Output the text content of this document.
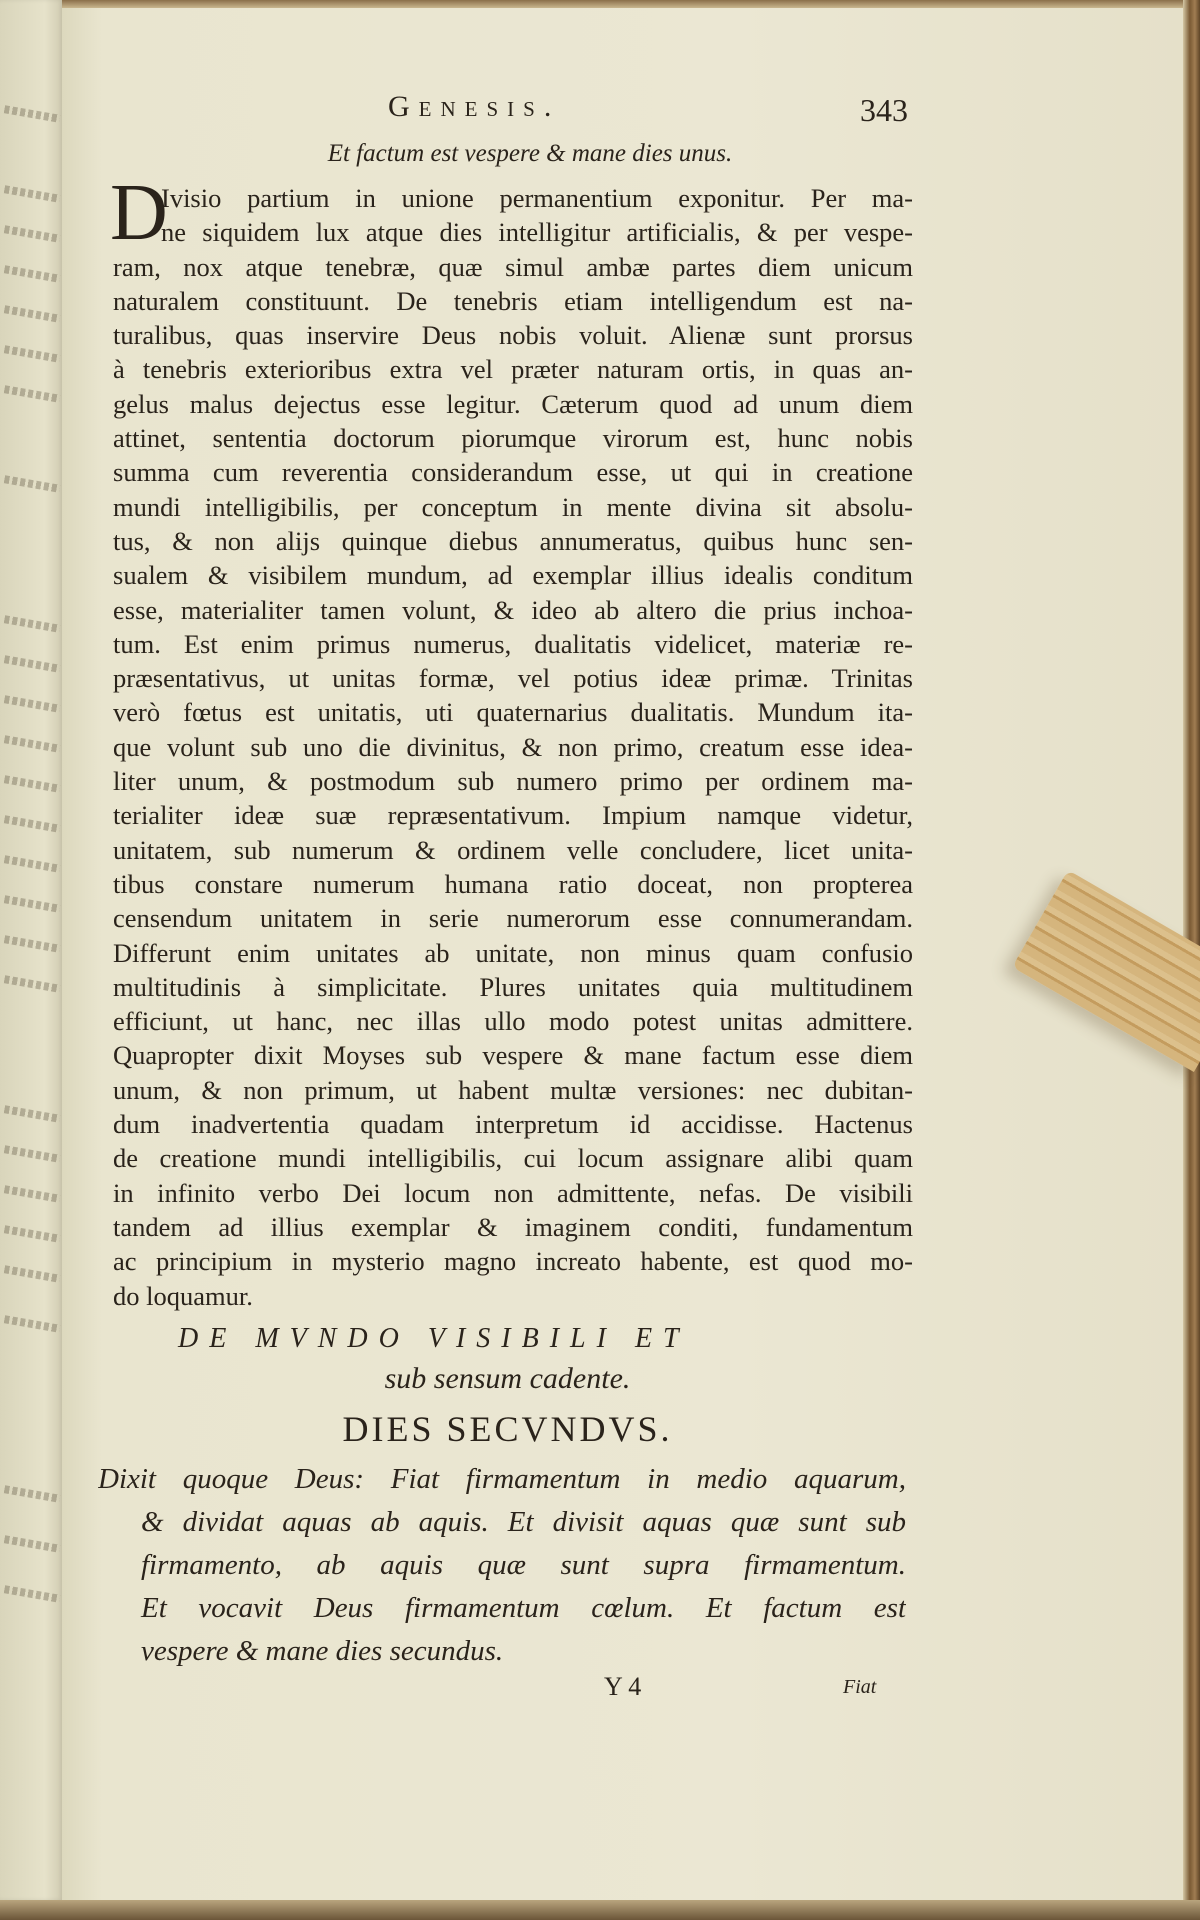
Genesis.	343
Et factum est vespere & mane dies unus.
D
Ivisio partium in unione permanentium exponitur. Per ma-
ne siquidem lux atque dies intelligitur artificialis, & per vespe-
ram, nox atque tenebræ, quæ simul ambæ partes diem unicum
naturalem constituunt. De tenebris etiam intelligendum est na-
turalibus, quas inservire Deus nobis voluit. Alienæ sunt prorsus
à tenebris exterioribus extra vel præter naturam ortis, in quas an-
gelus malus dejectus esse legitur. Cæterum quod ad unum diem
attinet, sententia doctorum piorumque virorum est, hunc nobis
summa cum reverentia considerandum esse, ut qui in creatione
mundi intelligibilis, per conceptum in mente divina sit absolu-
tus, & non alijs quinque diebus annumeratus, quibus hunc sen-
sualem & visibilem mundum, ad exemplar illius idealis conditum
esse, materialiter tamen volunt, & ideo ab altero die prius inchoa-
tum. Est enim primus numerus, dualitatis videlicet, materiæ re-
præsentativus, ut unitas formæ, vel potius ideæ primæ. Trinitas
verò fœtus est unitatis, uti quaternarius dualitatis. Mundum ita-
que volunt sub uno die divinitus, & non primo, creatum esse idea-
liter unum, & postmodum sub numero primo per ordinem ma-
terialiter ideæ suæ repræsentativum. Impium namque videtur,
unitatem, sub numerum & ordinem velle concludere, licet unita-
tibus constare numerum humana ratio doceat, non propterea
censendum unitatem in serie numerorum esse connumerandam.
Differunt enim unitates ab unitate, non minus quam confusio
multitudinis à simplicitate. Plures unitates quia multitudinem
efficiunt, ut hanc, nec illas ullo modo potest unitas admittere.
Quapropter dixit Moyses sub vespere & mane factum esse diem
unum, & non primum, ut habent multæ versiones: nec dubitan-
dum inadvertentia quadam interpretum id accidisse. Hactenus
de creatione mundi intelligibilis, cui locum assignare alibi quam
in infinito verbo Dei locum non admittente, nefas. De visibili
tandem ad illius exemplar & imaginem conditi, fundamentum
ac principium in mysterio magno increato habente, est quod mo-
do loquamur.
DE MVNDO VISIBILI ET
sub sensum cadente.
DIES SECVNDVS.
Dixit quoque Deus: Fiat firmamentum in medio aquarum,
& dividat aquas ab aquis. Et divisit aquas quæ sunt sub
firmamento, ab aquis quæ sunt supra firmamentum.
Et vocavit Deus firmamentum cœlum. Et factum est
vespere & mane dies secundus.
Y 4	Fiat
